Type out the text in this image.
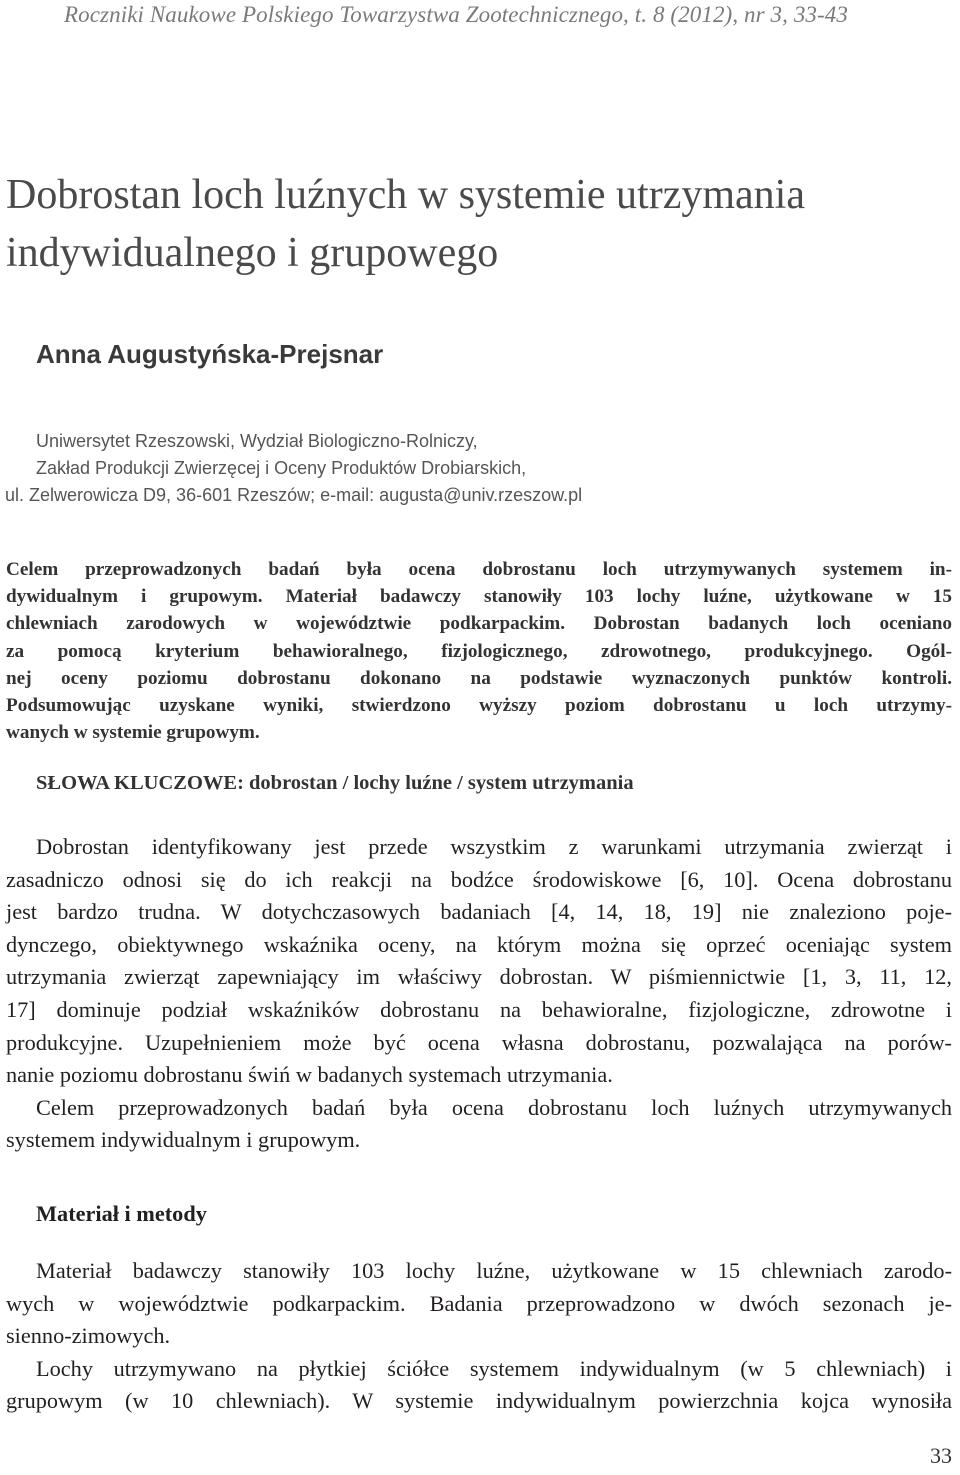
Roczniki Naukowe Polskiego Towarzystwa Zootechnicznego, t. 8 (2012), nr 3, 33-43
Dobrostan loch luźnych w systemie utrzymania
indywidualnego i grupowego
Anna Augustyńska-Prejsnar
Uniwersytet Rzeszowski, Wydział Biologiczno-Rolniczy,
Zakład Produkcji Zwierzęcej i Oceny Produktów Drobiarskich,
ul. Zelwerowicza D9, 36-601 Rzeszów; e-mail: augusta@univ.rzeszow.pl
Celem przeprowadzonych badań była ocena dobrostanu loch utrzymywanych systemem in-
dywidualnym i grupowym. Materiał badawczy stanowiły 103 lochy luźne, użytkowane w 15
chlewniach zarodowych w województwie podkarpackim. Dobrostan badanych loch oceniano
za pomocą kryterium behawioralnego, fizjologicznego, zdrowotnego, produkcyjnego. Ogól-
nej oceny poziomu dobrostanu dokonano na podstawie wyznaczonych punktów kontroli.
Podsumowując uzyskane wyniki, stwierdzono wyższy poziom dobrostanu u loch utrzymy-
wanych w systemie grupowym.
SŁOWA KLUCZOWE: dobrostan / lochy luźne / system utrzymania
Dobrostan identyfikowany jest przede wszystkim z warunkami utrzymania zwierząt i
zasadniczo odnosi się do ich reakcji na bodźce środowiskowe [6, 10]. Ocena dobrostanu
jest bardzo trudna. W dotychczasowych badaniach [4, 14, 18, 19] nie znaleziono poje-
dynczego, obiektywnego wskaźnika oceny, na którym można się oprzeć oceniając system
utrzymania zwierząt zapewniający im właściwy dobrostan. W piśmiennictwie [1, 3, 11, 12,
17] dominuje podział wskaźników dobrostanu na behawioralne, fizjologiczne, zdrowotne i
produkcyjne. Uzupełnieniem może być ocena własna dobrostanu, pozwalająca na porów-
nanie poziomu dobrostanu świń w badanych systemach utrzymania.
Celem przeprowadzonych badań była ocena dobrostanu loch luźnych utrzymywanych
systemem indywidualnym i grupowym.
Materiał i metody
Materiał badawczy stanowiły 103 lochy luźne, użytkowane w 15 chlewniach zarodo-
wych w województwie podkarpackim. Badania przeprowadzono w dwóch sezonach je-
sienno-zimowych.
Lochy utrzymywano na płytkiej ściółce systemem indywidualnym (w 5 chlewniach) i
grupowym (w 10 chlewniach). W systemie indywidualnym powierzchnia kojca wynosiła
33
